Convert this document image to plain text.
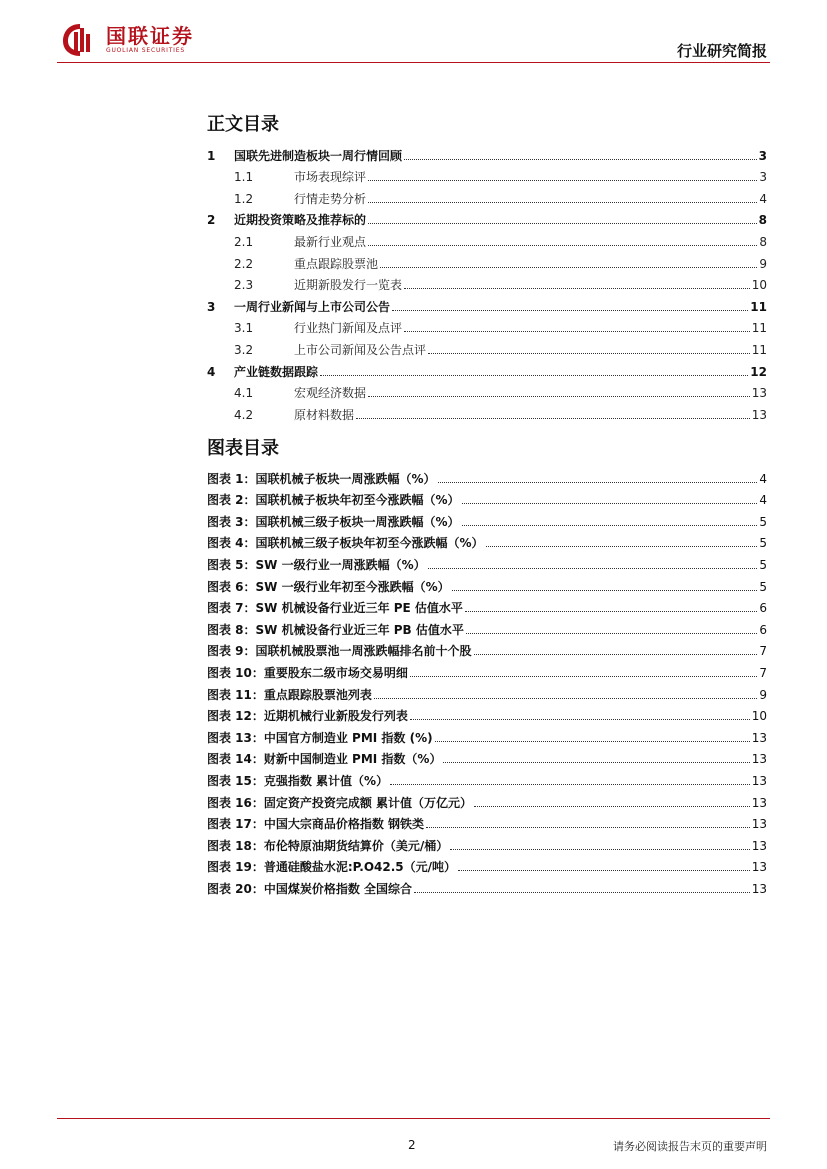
国联证券
GUOLIAN SECURITIES	行业研究简报
正文目录
1	国联先进制造板块一周行情回顾	3
1.1	市场表现综评	3
1.2	行情走势分析	4
2	近期投资策略及推荐标的	8
2.1	最新行业观点	8
2.2	重点跟踪股票池	9
2.3	近期新股发行一览表	10
3	一周行业新闻与上市公司公告	11
3.1	行业热门新闻及点评	11
3.2	上市公司新闻及公告点评	11
4	产业链数据跟踪	12
4.1	宏观经济数据	13
4.2	原材料数据	13
图表目录
图表 1：国联机械子板块一周涨跌幅（%）	4
图表 2：国联机械子板块年初至今涨跌幅（%）	4
图表 3：国联机械三级子板块一周涨跌幅（%）	5
图表 4：国联机械三级子板块年初至今涨跌幅（%）	5
图表 5：SW 一级行业一周涨跌幅（%）	5
图表 6：SW 一级行业年初至今涨跌幅（%）	5
图表 7：SW 机械设备行业近三年 PE 估值水平	6
图表 8：SW 机械设备行业近三年 PB 估值水平	6
图表 9：国联机械股票池一周涨跌幅排名前十个股	7
图表 10：重要股东二级市场交易明细	7
图表 11：重点跟踪股票池列表	9
图表 12：近期机械行业新股发行列表	10
图表 13：中国官方制造业 PMI 指数 (%)	13
图表 14：财新中国制造业 PMI 指数（%）	13
图表 15：克强指数 累计值（%）	13
图表 16：固定资产投资完成额 累计值（万亿元）	13
图表 17：中国大宗商品价格指数 钢铁类	13
图表 18：布伦特原油期货结算价（美元/桶）	13
图表 19：普通硅酸盐水泥:P.O42.5（元/吨）	13
图表 20：中国煤炭价格指数 全国综合	13
2	请务必阅读报告末页的重要声明
